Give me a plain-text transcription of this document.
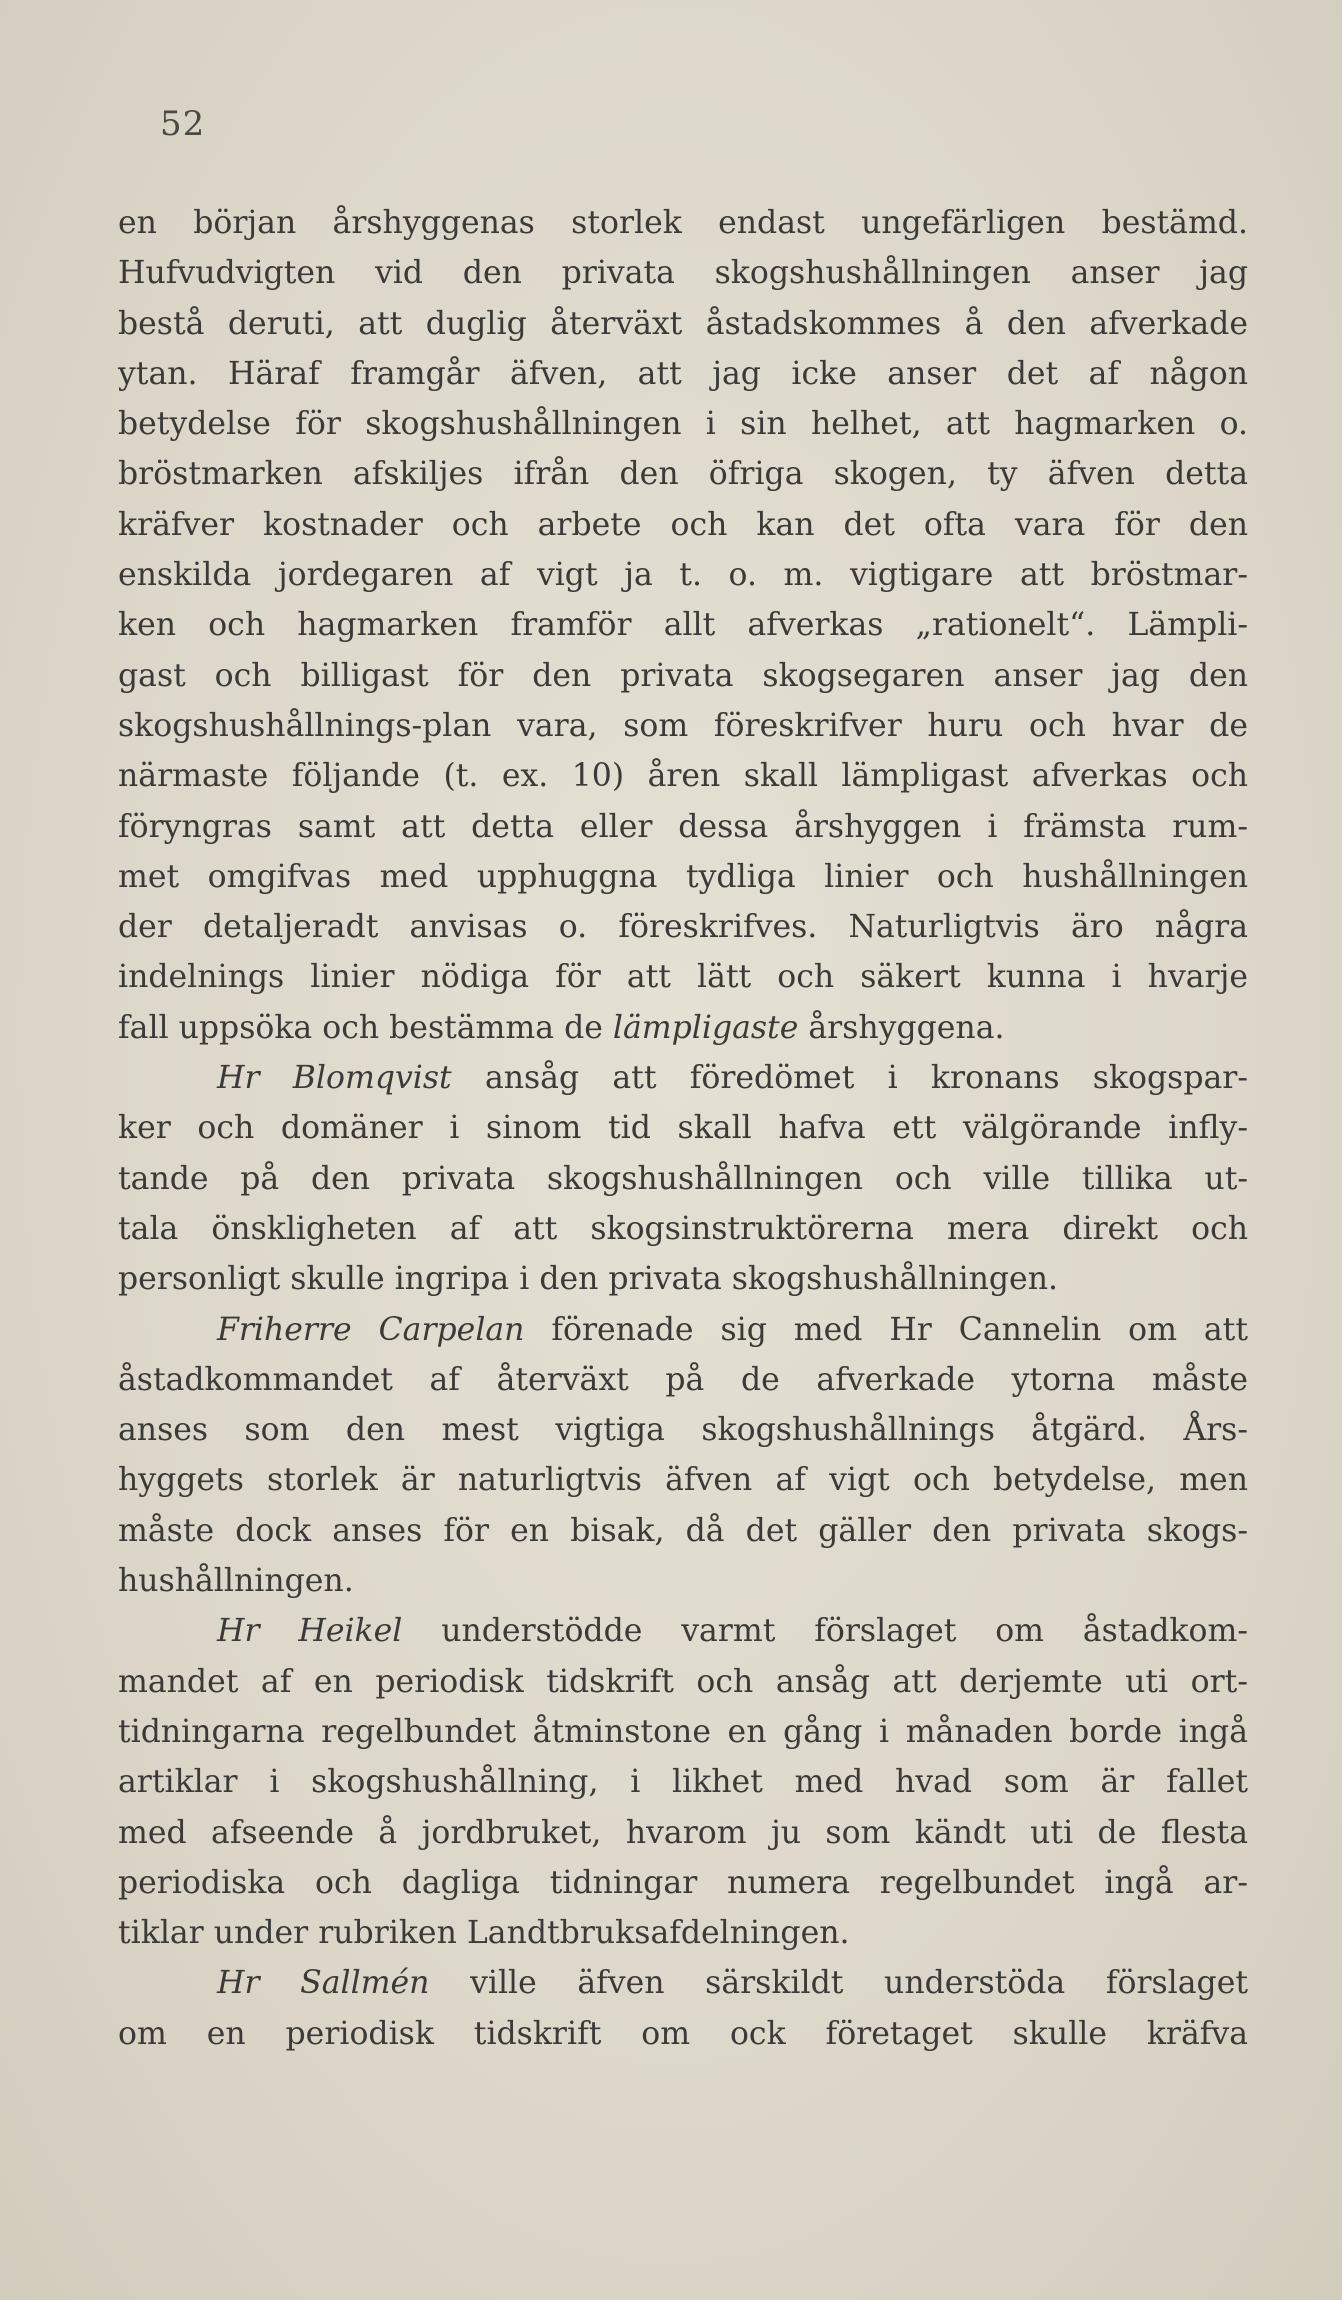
52
en början årshyggenas storlek endast ungefärligen bestämd.
Hufvudvigten vid den privata skogshushållningen anser jag
bestå deruti, att duglig återväxt åstadskommes å den afverkade
ytan. Häraf framgår äfven, att jag icke anser det af någon
betydelse för skogshushållningen i sin helhet, att hagmarken o.
bröstmarken afskiljes ifrån den öfriga skogen, ty äfven detta
kräfver kostnader och arbete och kan det ofta vara för den
enskilda jordegaren af vigt ja t. o. m. vigtigare att bröstmar-
ken och hagmarken framför allt afverkas „rationelt“. Lämpli-
gast och billigast för den privata skogsegaren anser jag den
skogshushållnings-plan vara, som föreskrifver huru och hvar de
närmaste följande (t. ex. 10) åren skall lämpligast afverkas och
föryngras samt att detta eller dessa årshyggen i främsta rum-
met omgifvas med upphuggna tydliga linier och hushållningen
der detaljeradt anvisas o. föreskrifves. Naturligtvis äro några
indelnings linier nödiga för att lätt och säkert kunna i hvarje
fall uppsöka och bestämma de lämpligaste årshyggena.
Hr Blomqvist ansåg att föredömet i kronans skogspar-
ker och domäner i sinom tid skall hafva ett välgörande infly-
tande på den privata skogshushållningen och ville tillika ut-
tala önskligheten af att skogsinstruktörerna mera direkt och
personligt skulle ingripa i den privata skogshushållningen.
Friherre Carpelan förenade sig med Hr Cannelin om att
åstadkommandet af återväxt på de afverkade ytorna måste
anses som den mest vigtiga skogshushållnings åtgärd. Års-
hyggets storlek är naturligtvis äfven af vigt och betydelse, men
måste dock anses för en bisak, då det gäller den privata skogs-
hushållningen.
Hr Heikel understödde varmt förslaget om åstadkom-
mandet af en periodisk tidskrift och ansåg att derjemte uti ort-
tidningarna regelbundet åtminstone en gång i månaden borde ingå
artiklar i skogshushållning, i likhet med hvad som är fallet
med afseende å jordbruket, hvarom ju som kändt uti de flesta
periodiska och dagliga tidningar numera regelbundet ingå ar-
tiklar under rubriken Landtbruksafdelningen.
Hr Sallmén ville äfven särskildt understöda förslaget
om en periodisk tidskrift om ock företaget skulle kräfva
